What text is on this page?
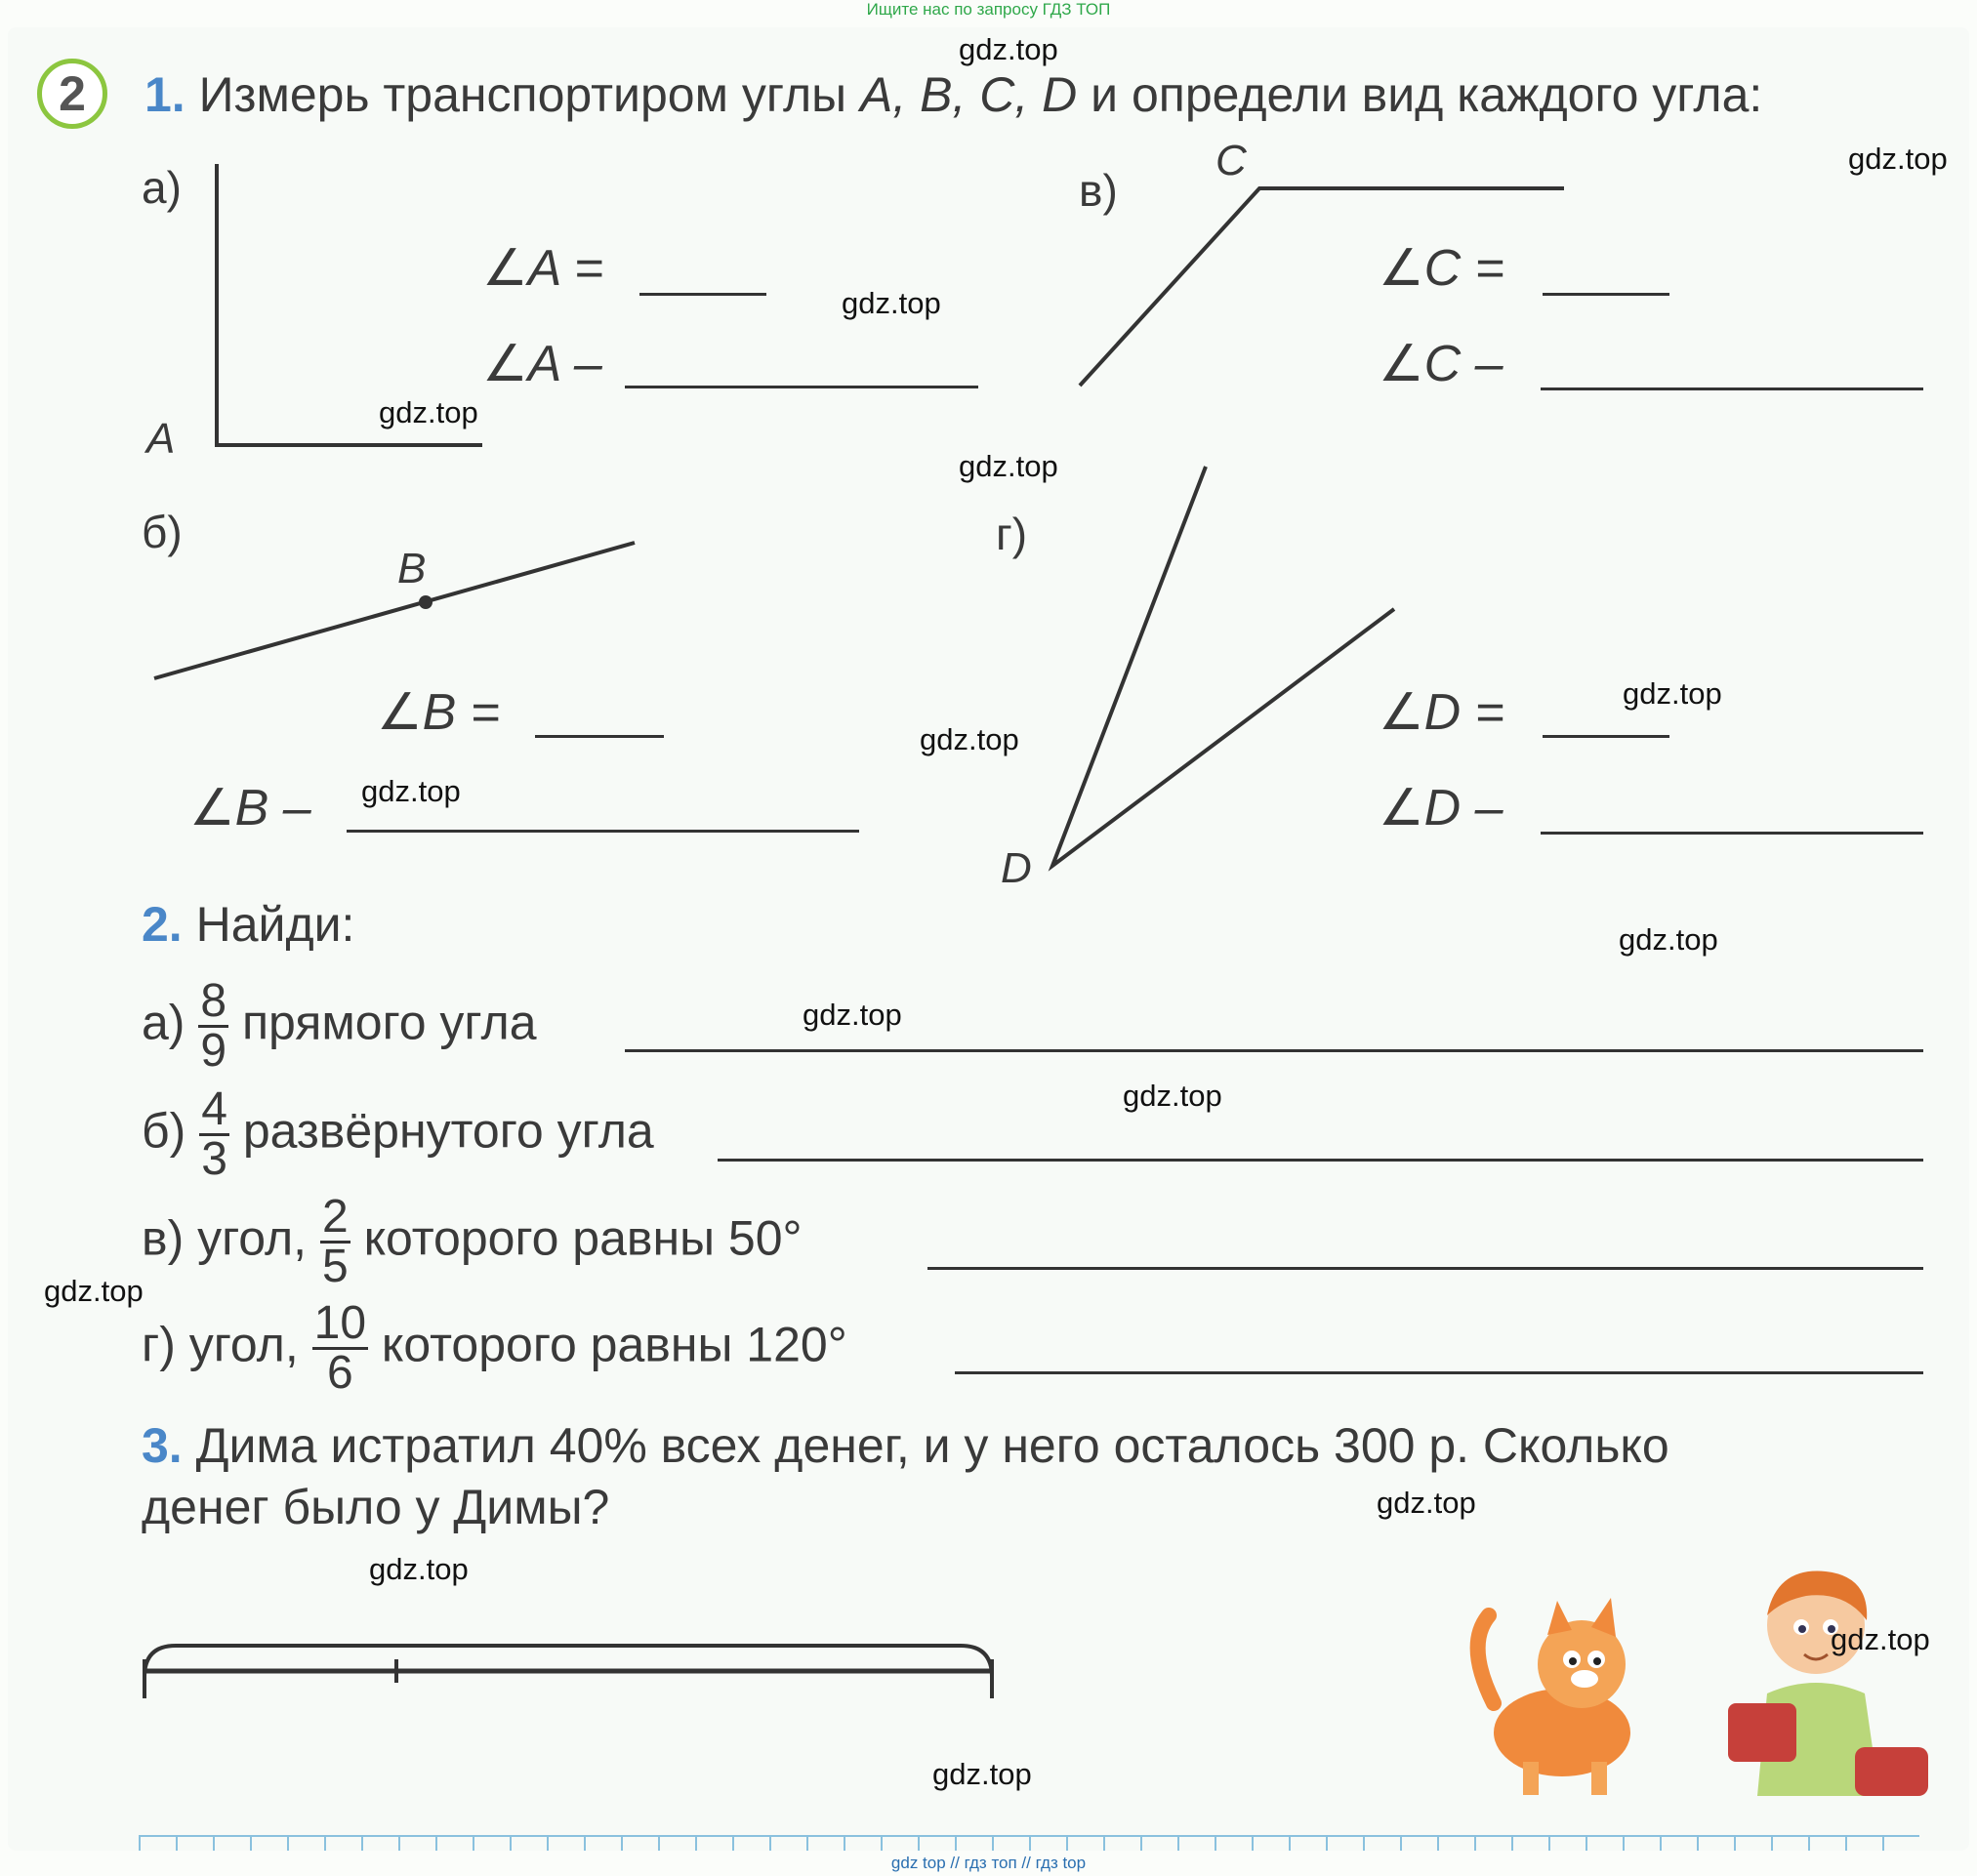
Ищите нас по запросу ГДЗ ТОП
2	1. Измерь транспортиром углы A, B, C, D и определи вид каждого угла:
а)
A
∠A =
∠A –
б)
B
∠B =
∠B –
в)
C
∠C =
∠C –
г)
D
∠D =
∠D –
2. Найди:
$а) \frac{8}{9}$ прямого угла
$б) \frac{4}{3}$ развёрнутого угла
в) угол, $\frac{2}{5}$ которого равны 50°
г) угол, $\frac{10}{6}$ которого равны 120°
3. Дима истратил 40% всех денег, и у него осталось 300 р. Сколько
денег было у Димы?
gdz.top
gdz.top
gdz.top
gdz.top
gdz.top
gdz.top
gdz.top
gdz.top
gdz.top
gdz.top
gdz.top
gdz.top
gdz.top
gdz.top
gdz.top
gdz.top
gdz top // гдз топ // гдз top
